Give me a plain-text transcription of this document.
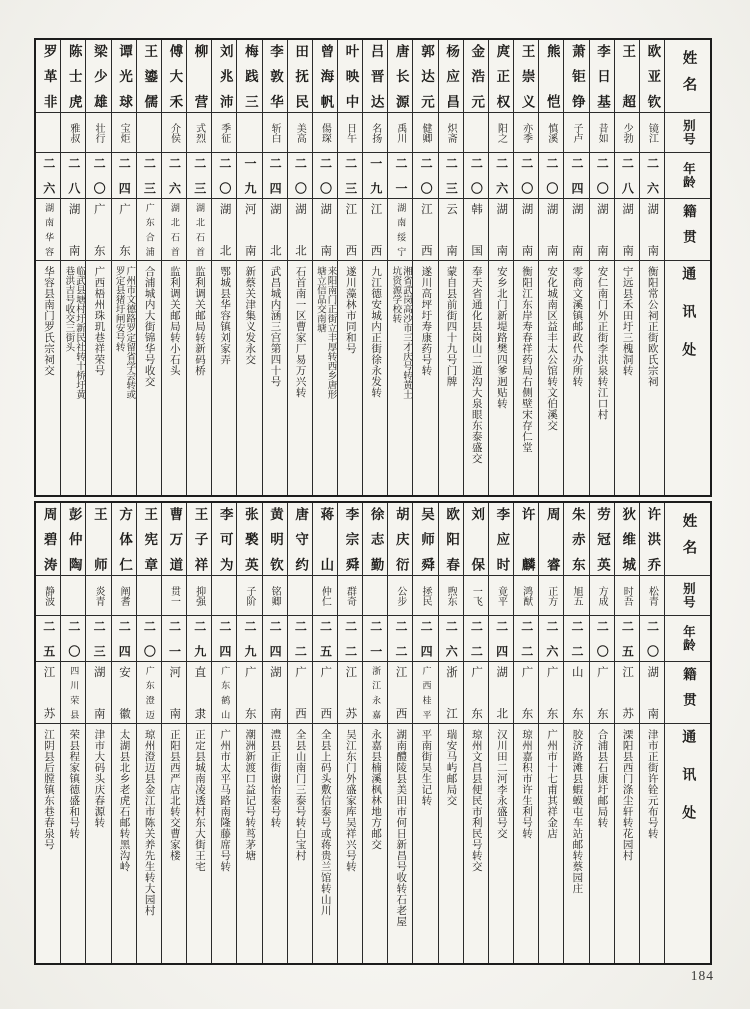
姓名
别号
年龄
籍贯
通讯处
欧亚钦
镜江
二六
湖南
衡阳常公祠正街欧氏宗祠
王超
少勃
二八
湖南
宁远县禾田圩三槐洞转
李日基
昔如
二〇
湖南
安仁南门外正街李洪泉转江口村
萧钜铮
子卢
二四
湖南
零商文溪镇邮政代办所转
熊恺
慎溪
二〇
湖南
安化城南区益丰太公馆转文伯溪交
王崇义
亦季
二〇
湖南
衡阳江东岸寿春祥药局右侧壁宋存仁堂
庹正权
阳之
二六
湖南
安乡北门新堤路樊四爹迥贴转
金浩元
二〇
韩国
奉天省通化县岗山二道沟大泉眼东泰盛交
杨应昌
炽斋
二三
云南
蒙自县前街四十九号门牌
郭达元
健卿
二〇
江西
遂川高坪圩寿康药号转
唐长源
禹川
二一
湖南绥宁
湘省武岗高沙市三才庆号转黄土坑资源学校转
吕晋达
名扬
一九
江西
九江德安城内正街徐永发转
叶映中
日午
二三
江西
遂川藻林市同和号
曾海帆
偒琛
二〇
湖南
来阳南门正街立丰厚转西乡唐形塘立信品交南塘
田抚民
美高
二〇
湖北
石首南一区曹家厂易万兴转
李敦华
斩白
二四
湖北
武昌城内涵三宫第四十号
梅践三
一九
河南
新蔡关津集义发永交
刘兆沛
季征
二〇
湖北
鄂城县华容镇刘家弄
柳营
式烈
二三
湖北石首
监利调关邮局转新码桥
傅大禾
介侯
二六
湖北石首
监利调关邮局转小石头
王鎏儒
二三
广东合浦
合浦城内大街锦华号收交
谭光球
宝炬
二四
广东
广州市文德路罗定留省学会转或罗定县猪圩闸安号转
梁少雄
壮行
二〇
广东
广西梧州珠玑巷祥荣号
陈士虎
雅叔
二八
湖南
临武县塘村圩新民社转十桥圩黄巷洪吉号收交三街头
罗革非
二六
湖南华容
华容县南门罗氏宗祠交
姓名
别号
年龄
籍贯
通讯处
许洪乔
松青
二〇
湖南
津市正街许铨元布号转
狄维城
时吾
二五
江苏
溧阳县西门涤尘轩转花园村
劳冠英
方成
二〇
广东
合浦县石康圩邮局转
朱赤东
旭五
二二
山东
胶济路滩县蝦蟆屯车站邮转蔡园庄
周睿
正方
二六
广东
广州市十七甫其祥金店
许麟
鸿猷
二二
广东
琼州嘉积市许生利号转
李应时
竟平
二四
湖北
汉川田二河李永盛号交
刘保
一飞
二二
广东
琼州文昌县便民市利民号转交
欧阳春
煦东
二六
浙江
瑞安马屿邮局交
吴师舜
拯民
二四
广西桂平
平南街吴生记转
胡庆衍
公步
二二
江西
湖南醴陵县美田市何日新昌号收转石老屋
徐志勤
二一
浙江永嘉
永嘉县楠溪枫林地方邮交
李宗舜
群奇
二二
江苏
吴江东门外盛家库吴祥兴号转
蒋山
仲仁
二五
广西
全县上码头敷信泰号或蒋贵兰馆转山川
唐守约
二二
广西
全县山南门三泰号转白宝村
黄明钦
铭卿
二四
湖南
澧县正街谢怡泰号转
张褧英
子阶
二九
广东
潮洲新渡口益记号转茑茅塘
李可为
二四
广东鹤山
广州市太平马路南隆藤席号转
王子祥
抑强
二九
直隶
正定县城南凌透村东大街王宅
曹万道
贯一
二一
河南
正阳县西严店北转交曹家楼
王宪章
二〇
广东澄迈
琼州澄迈县金江市陈关养先生转大园村
方体仁
阐耆
二四
安徽
太湖县北乡老虎石邮转黑沟岭
王师
炎青
二三
湖南
津市大码头庆春源转
彭仲陶
二〇
四川荣县
荣县程家镇德盛和号转
周碧涛
静波
二五
江苏
江阴县后膛镇东巷春泉号
184
